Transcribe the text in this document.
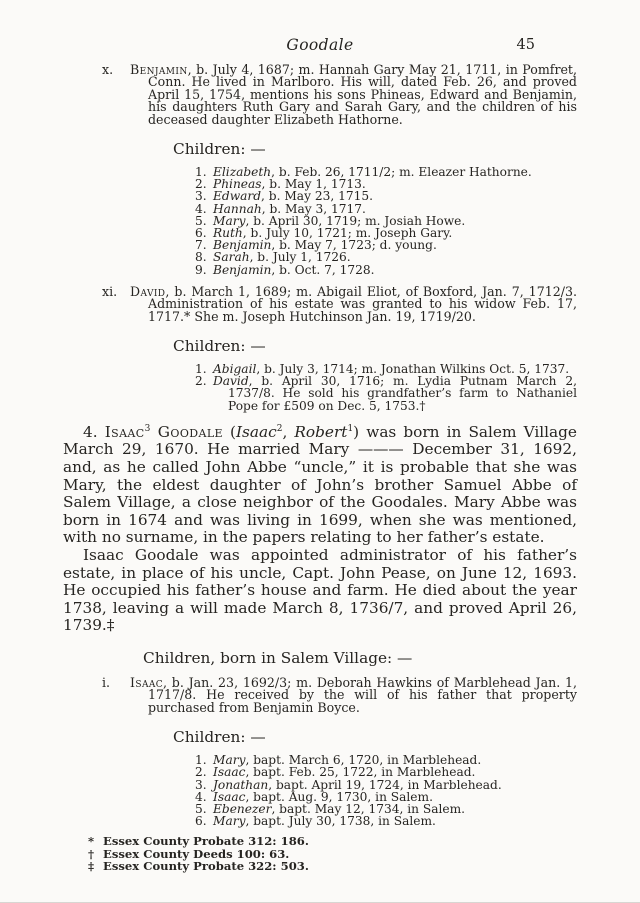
Goodale	45
x. Benjamin, b. July 4, 1687; m. Hannah Gary May 21, 1711, in Pomfret, Conn. He lived in Marlboro. His will, dated Feb. 26, and proved April 15, 1754, mentions his sons Phineas, Edward and Benjamin, his daughters Ruth Gary and Sarah Gary, and the children of his deceased daughter Elizabeth Hathorne.
Children: —
1. Elizabeth, b. Feb. 26, 1711/2; m. Eleazer Hathorne.
2. Phineas, b. May 1, 1713.
3. Edward, b. May 23, 1715.
4. Hannah, b. May 3, 1717.
5. Mary, b. April 30, 1719; m. Josiah Howe.
6. Ruth, b. July 10, 1721; m. Joseph Gary.
7. Benjamin, b. May 7, 1723; d. young.
8. Sarah, b. July 1, 1726.
9. Benjamin, b. Oct. 7, 1728.
xi. David, b. March 1, 1689; m. Abigail Eliot, of Boxford, Jan. 7, 1712/3. Administration of his estate was granted to his widow Feb. 17, 1717.* She m. Joseph Hutchinson Jan. 19, 1719/20.
Children: —
1. Abigail, b. July 3, 1714; m. Jonathan Wilkins Oct. 5, 1737.
2. David, b. April 30, 1716; m. Lydia Putnam March 2, 1737/8. He sold his grandfather’s farm to Nathaniel Pope for £509 on Dec. 5, 1753.†

4. Isaac$^3$ Goodale (Isaac$^2$, Robert$^1$) was born in Salem Village March 29, 1670. He married Mary ——— December 31, 1692, and, as he called John Abbe “uncle,” it is probable that she was Mary, the eldest daughter of John’s brother Samuel Abbe of Salem Village, a close neighbor of the Goodales. Mary Abbe was born in 1674 and was living in 1699, when she was mentioned, with no surname, in the papers relating to her father’s estate.

Isaac Goodale was appointed administrator of his father’s estate, in place of his uncle, Capt. John Pease, on June 12, 1693. He occupied his father’s house and farm. He died about the year 1738, leaving a will made March 8, 1736/7, and proved April 26, 1739.‡

Children, born in Salem Village: —
i. Isaac, b. Jan. 23, 1692/3; m. Deborah Hawkins of Marblehead Jan. 1, 1717/8. He received by the will of his father that property purchased from Benjamin Boyce.
Children: —
1. Mary, bapt. March 6, 1720, in Marblehead.
2. Isaac, bapt. Feb. 25, 1722, in Marblehead.
3. Jonathan, bapt. April 19, 1724, in Marblehead.
4. Isaac, bapt. Aug. 9, 1730, in Salem.
5. Ebenezer, bapt. May 12, 1734, in Salem.
6. Mary, bapt. July 30, 1738, in Salem.
* Essex County Probate 312: 186.
† Essex County Deeds 100: 63.
‡ Essex County Probate 322: 503.
